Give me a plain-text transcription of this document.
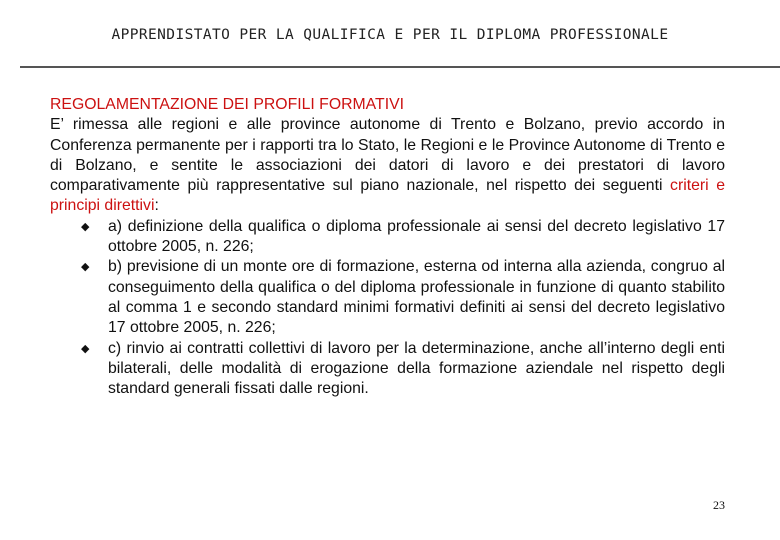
APPRENDISTATO PER LA QUALIFICA E PER IL DIPLOMA PROFESSIONALE

REGOLAMENTAZIONE DEI PROFILI FORMATIVI

E’ rimessa alle regioni e alle province autonome di Trento e Bolzano, previo accordo in Conferenza permanente per i rapporti tra lo Stato, le Regioni e le Province Autonome di Trento e di Bolzano, e sentite le associazioni dei datori di lavoro e dei prestatori di lavoro comparativamente più rappresentative sul piano nazionale, nel rispetto dei seguenti criteri e principi direttivi:

◆ a) definizione della qualifica o diploma professionale ai sensi del decreto legislativo 17 ottobre 2005, n. 226;
◆ b) previsione di un monte ore di formazione, esterna od interna alla azienda, congruo al conseguimento della qualifica o del diploma professionale in funzione di quanto stabilito al comma 1 e secondo standard minimi formativi definiti ai sensi del decreto legislativo 17 ottobre 2005, n. 226;
◆ c) rinvio ai contratti collettivi di lavoro per la determinazione, anche all’interno degli enti bilaterali, delle modalità di erogazione della formazione aziendale nel rispetto degli standard generali fissati dalle regioni.
23
